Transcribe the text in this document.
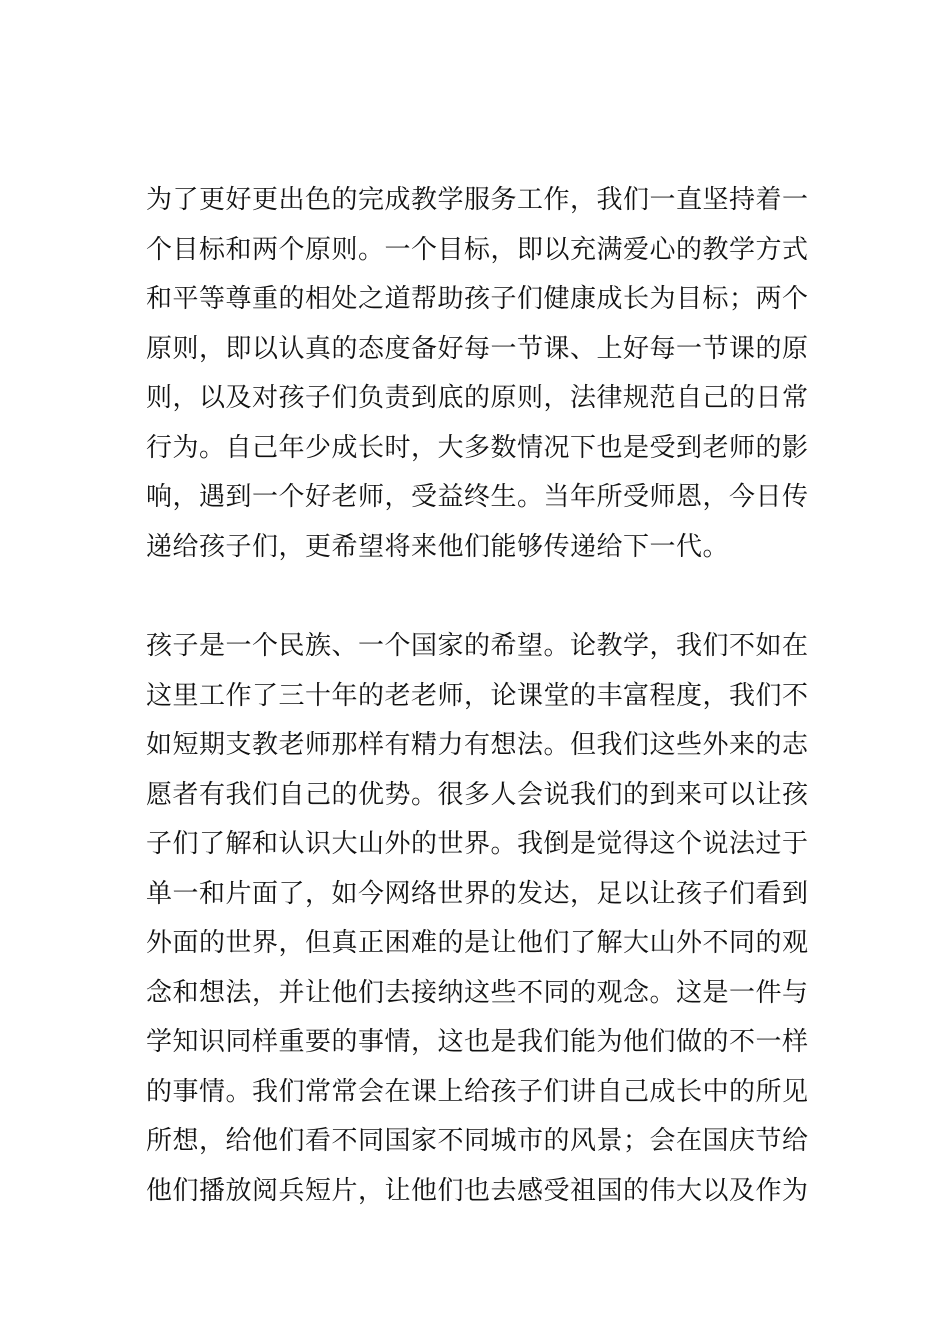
为了更好更出色的完成教学服务工作，我们一直坚持着一
个目标和两个原则。一个目标，即以充满爱心的教学方式
和平等尊重的相处之道帮助孩子们健康成长为目标；两个
原则，即以认真的态度备好每一节课、上好每一节课的原
则，以及对孩子们负责到底的原则，法律规范自己的日常
行为。自己年少成长时，大多数情况下也是受到老师的影
响，遇到一个好老师，受益终生。当年所受师恩，今日传
递给孩子们，更希望将来他们能够传递给下一代。
孩子是一个民族、一个国家的希望。论教学，我们不如在
这里工作了三十年的老老师，论课堂的丰富程度，我们不
如短期支教老师那样有精力有想法。但我们这些外来的志
愿者有我们自己的优势。很多人会说我们的到来可以让孩
子们了解和认识大山外的世界。我倒是觉得这个说法过于
单一和片面了，如今网络世界的发达，足以让孩子们看到
外面的世界，但真正困难的是让他们了解大山外不同的观
念和想法，并让他们去接纳这些不同的观念。这是一件与
学知识同样重要的事情，这也是我们能为他们做的不一样
的事情。我们常常会在课上给孩子们讲自己成长中的所见
所想，给他们看不同国家不同城市的风景；会在国庆节给
他们播放阅兵短片，让他们也去感受祖国的伟大以及作为
